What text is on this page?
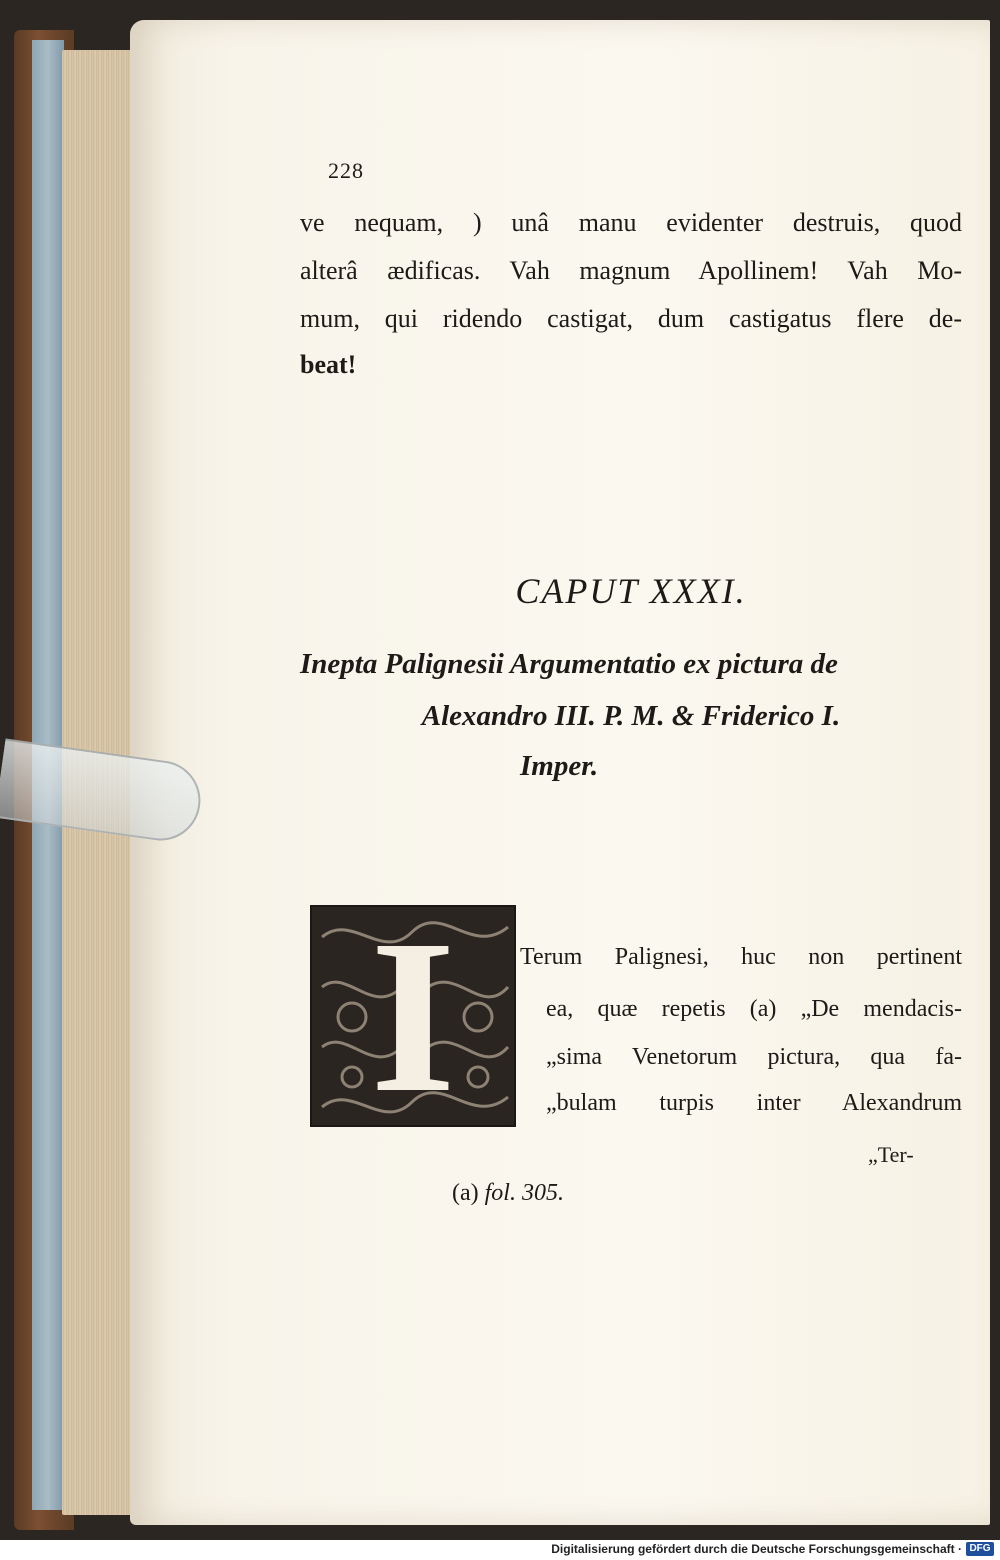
228
ve nequam, ) unâ manu evidenter destruis, quod
alterâ ædificas. Vah magnum Apollinem! Vah Mo-
mum, qui ridendo castigat, dum castigatus flere de-
beat!
CAPUT XXXI.
Inepta Palignesii Argumentatio ex pictura de
Alexandro III. P. M. & Friderico I.
Imper.
I	Terum Palignesi, huc non pertinent
ea, quæ repetis (a) „De mendacis-
„sima Venetorum pictura, qua fa-
„bulam turpis inter Alexandrum
„Ter-
(a) fol. 305.
Digitalisierung gefördert durch die Deutsche Forschungsgemeinschaft · DFG
